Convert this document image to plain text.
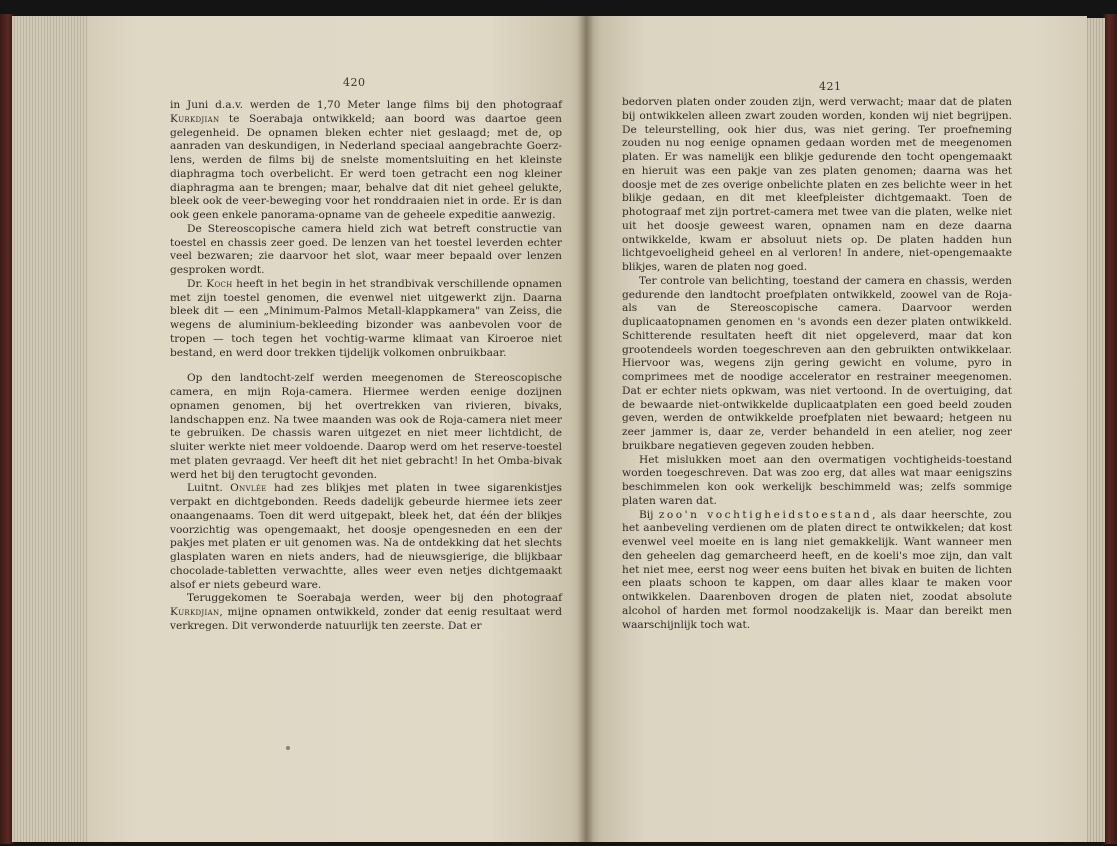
420

in Juni d.a.v. werden de 1,70 Meter lange films bij den photograaf Kurkdjian te Soerabaja ontwikkeld; aan boord was daartoe geen gelegenheid. De opnamen bleken echter niet geslaagd; met de, op aanraden van deskundigen, in Nederland speciaal aangebrachte Goerz-lens, werden de films bij de snelste momentsluiting en het kleinste diaphragma toch overbelicht. Er werd toen getracht een nog kleiner diaphragma aan te brengen; maar, behalve dat dit niet geheel gelukte, bleek ook de veer-beweging voor het ronddraaien niet in orde. Er is dan ook geen enkele panorama-opname van de geheele expeditie aanwezig.

De Stereoscopische camera hield zich wat betreft constructie van toestel en chassis zeer goed. De lenzen van het toestel leverden echter veel bezwaren; zie daarvoor het slot, waar meer bepaald over lenzen gesproken wordt.

Dr. Koch heeft in het begin in het strandbivak verschillende opnamen met zijn toestel genomen, die evenwel niet uitgewerkt zijn. Daarna bleek dit — een „Minimum-Palmos Metall-klappkamera" van Zeiss, die wegens de aluminium-bekleeding bizonder was aanbevolen voor de tropen — toch tegen het vochtig-warme klimaat van Kiroeroe niet bestand, en werd door trekken tijdelijk volkomen onbruikbaar.

Op den landtocht-zelf werden meegenomen de Stereoscopische camera, en mijn Roja-camera. Hiermee werden eenige dozijnen opnamen genomen, bij het overtrekken van rivieren, bivaks, landschappen enz. Na twee maanden was ook de Roja-camera niet meer te gebruiken. De chassis waren uitgezet en niet meer lichtdicht, de sluiter werkte niet meer voldoende. Daarop werd om het reserve-toestel met platen gevraagd. Ver heeft dit het niet gebracht! In het Omba-bivak werd het bij den terugtocht gevonden.

Luitnt. Onvlée had zes blikjes met platen in twee sigarenkistjes verpakt en dichtgebonden. Reeds dadelijk gebeurde hiermee iets zeer onaangenaams. Toen dit werd uitgepakt, bleek het, dat één der blikjes voorzichtig was opengemaakt, het doosje opengesneden en een der pakjes met platen er uit genomen was. Na de ontdekking dat het slechts glasplaten waren en niets anders, had de nieuwsgierige, die blijkbaar chocolade-tabletten verwachtte, alles weer even netjes dichtgemaakt alsof er niets gebeurd ware.

Teruggekomen te Soerabaja werden, weer bij den photograaf Kurkdjian, mijne opnamen ontwikkeld, zonder dat eenig resultaat werd verkregen. Dit verwonderde natuurlijk ten zeerste. Dat er

421

bedorven platen onder zouden zijn, werd verwacht; maar dat de platen bij ontwikkelen alleen zwart zouden worden, konden wij niet begrijpen. De teleurstelling, ook hier dus, was niet gering. Ter proefneming zouden nu nog eenige opnamen gedaan worden met de meegenomen platen. Er was namelijk een blikje gedurende den tocht opengemaakt en hieruit was een pakje van zes platen genomen; daarna was het doosje met de zes overige onbelichte platen en zes belichte weer in het blikje gedaan, en dit met kleefpleister dichtgemaakt. Toen de photograaf met zijn portret-camera met twee van die platen, welke niet uit het doosje geweest waren, opnamen nam en deze daarna ontwikkelde, kwam er absoluut niets op. De platen hadden hun lichtgevoeligheid geheel en al verloren! In andere, niet-opengemaakte blikjes, waren de platen nog goed.

Ter controle van belichting, toestand der camera en chassis, werden gedurende den landtocht proefplaten ontwikkeld, zoowel van de Roja- als van de Stereoscopische camera. Daarvoor werden duplicaatopnamen genomen en 's avonds een dezer platen ontwikkeld. Schitterende resultaten heeft dit niet opgeleverd, maar dat kon grootendeels worden toegeschreven aan den gebruikten ontwikkelaar. Hiervoor was, wegens zijn gering gewicht en volume, pyro in comprimees met de noodige accelerator en restrainer meegenomen. Dat er echter niets opkwam, was niet vertoond. In de overtuiging, dat de bewaarde niet-ontwikkelde duplicaatplaten een goed beeld zouden geven, werden de ontwikkelde proefplaten niet bewaard; hetgeen nu zeer jammer is, daar ze, verder behandeld in een atelier, nog zeer bruikbare negatieven gegeven zouden hebben.

Het mislukken moet aan den overmatigen vochtigheids-toestand worden toegeschreven. Dat was zoo erg, dat alles wat maar eenigszins beschimmelen kon ook werkelijk beschimmeld was; zelfs sommige platen waren dat.

Bij zoo'n vochtigheidstoestand, als daar heerschte, zou het aanbeveling verdienen om de platen direct te ontwikkelen; dat kost evenwel veel moeite en is lang niet gemakkelijk. Want wanneer men den geheelen dag gemarcheerd heeft, en de koeli's moe zijn, dan valt het niet mee, eerst nog weer eens buiten het bivak en buiten de lichten een plaats schoon te kappen, om daar alles klaar te maken voor ontwikkelen. Daarenboven drogen de platen niet, zoodat absolute alcohol of harden met formol noodzakelijk is. Maar dan bereikt men waarschijnlijk toch wat.
